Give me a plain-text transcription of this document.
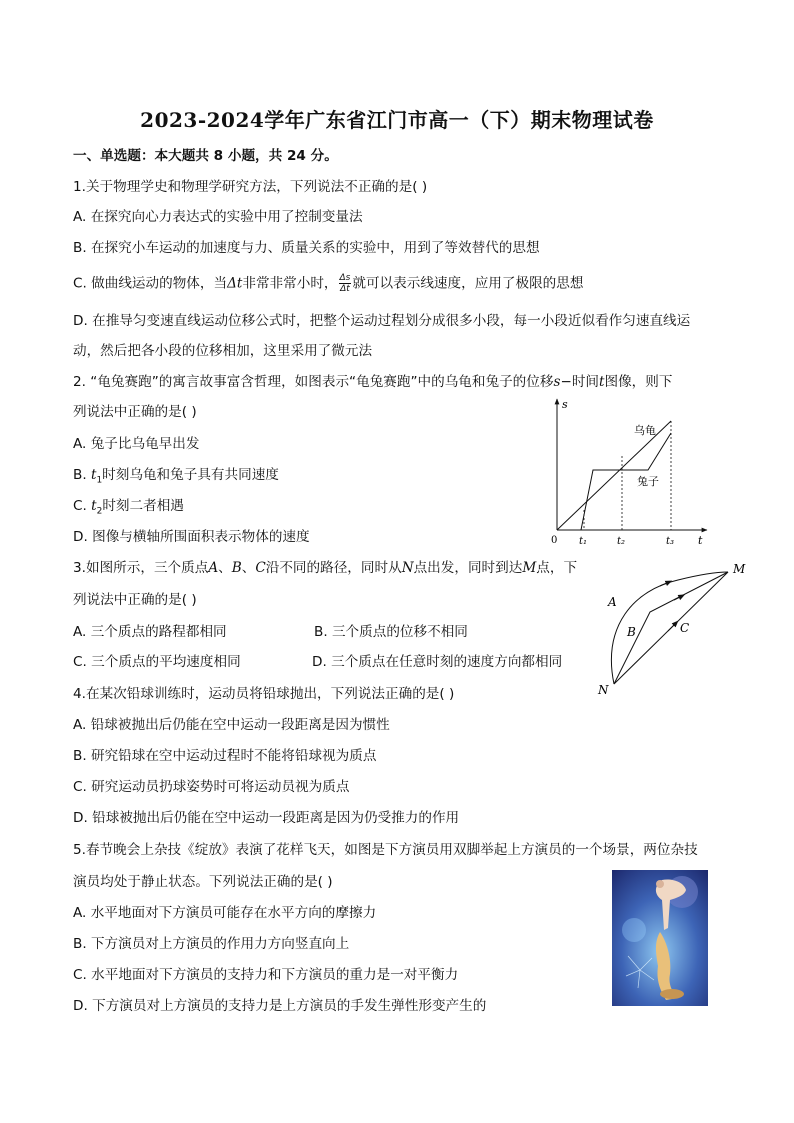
2023-2024学年广东省江门市高一（下）期末物理试卷
一、单选题：本大题共 8 小题，共 24 分。
1.关于物理学史和物理学研究方法，下列说法不正确的是( )
A. 在探究向心力表达式的实验中用了控制变量法
B. 在探究小车运动的加速度与力、质量关系的实验中，用到了等效替代的思想
C. 做曲线运动的物体，当Δt非常非常小时， $\frac{\Delta s}{\Delta t}$ 就可以表示线速度，应用了极限的思想
D. 在推导匀变速直线运动位移公式时，把整个运动过程划分成很多小段，每一小段近似看作匀速直线运
动，然后把各小段的位移相加，这里采用了微元法
2. “龟兔赛跑”的寓言故事富含哲理，如图表示“龟兔赛跑”中的乌龟和兔子的位移s−时间t图像，则下
列说法中正确的是( )
A. 兔子比乌龟早出发
B. $t_1$时刻乌龟和兔子具有共同速度
C. $t_2$时刻二者相遇
D. 图像与横轴所围面积表示物体的速度
s
t
0
乌龟
兔子
t₁	t₂	t₃
3.如图所示，三个质点A、B、C沿不同的路径，同时从N点出发，同时到达M点，下
列说法中正确的是( )
A. 三个质点的路程都相同	B. 三个质点的位移不相同
C. 三个质点的平均速度相同	D. 三个质点在任意时刻的速度方向都相同
M
N
A
B	C
4.在某次铅球训练时，运动员将铅球抛出，下列说法正确的是( )
A. 铅球被抛出后仍能在空中运动一段距离是因为惯性
B. 研究铅球在空中运动过程时不能将铅球视为质点
C. 研究运动员扔球姿势时可将运动员视为质点
D. 铅球被抛出后仍能在空中运动一段距离是因为仍受推力的作用
5.春节晚会上杂技《绽放》表演了花样飞天，如图是下方演员用双脚举起上方演员的一个场景，两位杂技
演员均处于静止状态。下列说法正确的是( )
A. 水平地面对下方演员可能存在水平方向的摩擦力
B. 下方演员对上方演员的作用力方向竖直向上
C. 水平地面对下方演员的支持力和下方演员的重力是一对平衡力
D. 下方演员对上方演员的支持力是上方演员的手发生弹性形变产生的
